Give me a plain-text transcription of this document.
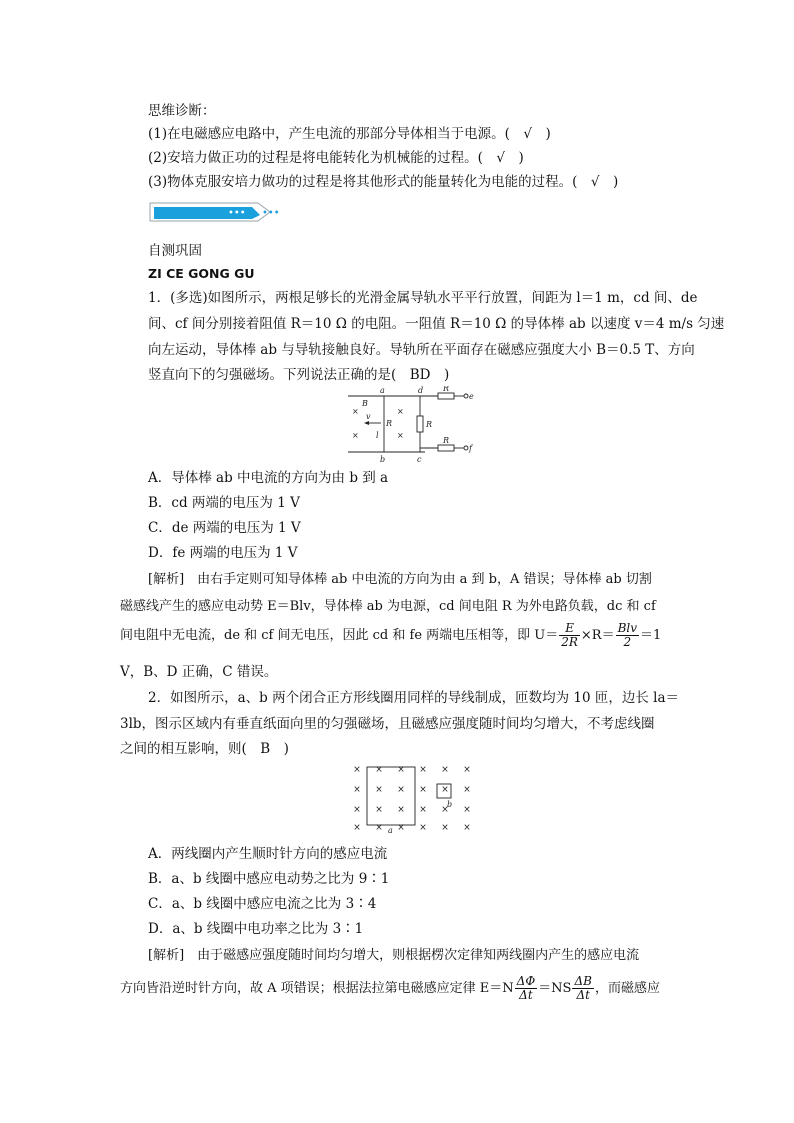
思维诊断：
(1)在电磁感应电路中，产生电流的那部分导体相当于电源。(　√　)
(2)安培力做正功的过程是将电能转化为机械能的过程。(　√　)
(3)物体克服安培力做功的过程是将其他形式的能量转化为电能的过程。(　√　)
••• •••
自测巩固
ZI CE GONG GU
1．(多选)如图所示，两根足够长的光滑金属导轨水平平行放置，间距为 l＝1 m，cd 间、de
间、cf 间分别接着阻值 R＝10 Ω 的电阻。一阻值 R＝10 Ω 的导体棒 ab 以速度 v＝4 m/s 匀速
向左运动，导体棒 ab 与导轨接触良好。导轨所在平面存在磁感应强度大小 B＝0.5 T、方向
竖直向下的匀强磁场。下列说法正确的是(　BD　)
×
×
×
×
a
b
d
c
e
f
B
v
l
R	R
R
R
A．导体棒 ab 中电流的方向为由 b 到 a
B．cd 两端的电压为 1 V
C．de 两端的电压为 1 V
D．fe 两端的电压为 1 V
[解析]　由右手定则可知导体棒 ab 中电流的方向为由 a 到 b，A 错误；导体棒 ab 切割
磁感线产生的感应电动势 E＝Blv，导体棒 ab 为电源，cd 间电阻 R 为外电路负载，dc 和 cf
间电阻中无电流，de 和 cf 间无电压，因此 cd 和 fe 两端电压相等，即 $U= \frac{E}{2R} \times R= \frac{\text{Blv}}{2} =1$
V，B、D 正确，C 错误。
2．如图所示，a、b 两个闭合正方形线圈用同样的导线制成，匝数均为 10 匝，边长 la＝
3lb，图示区域内有垂直纸面向里的匀强磁场，且磁感应强度随时间均匀增大，不考虑线圈
之间的相互影响，则(　B　)
× × × × × ×
× × × × × ×
× × × × × ×
× × × × × ×
a
b
A．两线圈内产生顺时针方向的感应电流
B．a、b 线圈中感应电动势之比为 9∶1
C．a、b 线圈中感应电流之比为 3∶4
D．a、b 线圈中电功率之比为 3∶1
[解析]　由于磁感应强度随时间均匀增大，则根据楞次定律知两线圈内产生的感应电流
方向皆沿逆时针方向，故 A 项错误；根据法拉第电磁感应定律 $E=N \frac{\Delta\Phi}{\Delta t} =NS \frac{\Delta B}{\Delta t}$ ，而磁感应
